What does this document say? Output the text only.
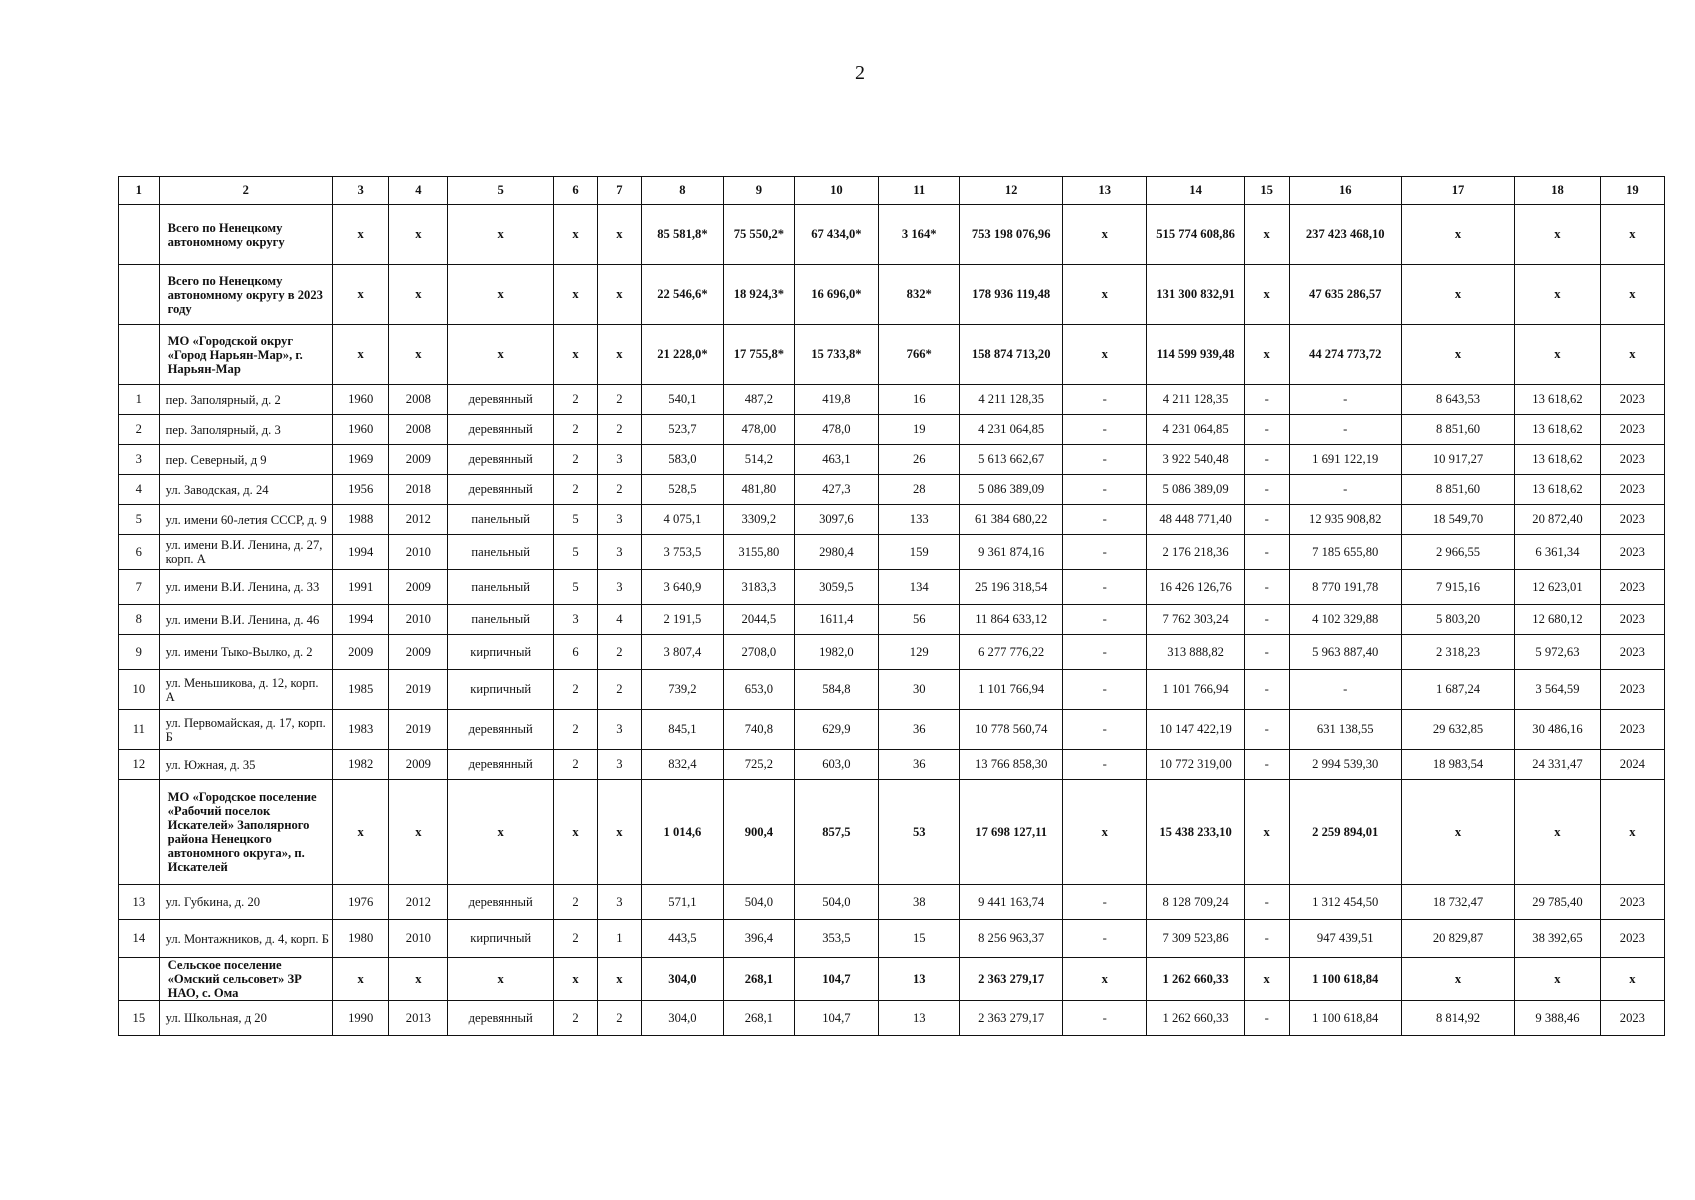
2
1	2	3	4	5	6	7	8	9	10	11	12	13	14	15	16	17	18	19
	Всего по Ненецкому автономному округу	х	х	х	х	х	85 581,8*	75 550,2*	67 434,0*	3 164*	753 198 076,96	х	515 774 608,86	х	237 423 468,10	х	х	х
	Всего по Ненецкому автономному округу в 2023 году	х	х	х	х	х	22 546,6*	18 924,3*	16 696,0*	832*	178 936 119,48	х	131 300 832,91	х	47 635 286,57	х	х	х
	МО «Городской округ «Город Нарьян-Мар», г. Нарьян-Мар	х	х	х	х	х	21 228,0*	17 755,8*	15 733,8*	766*	158 874 713,20	х	114 599 939,48	х	44 274 773,72	х	х	х
1	пер. Заполярный, д. 2	1960	2008	деревянный	2	2	540,1	487,2	419,8	16	4 211 128,35	-	4 211 128,35	-	-	8 643,53	13 618,62	2023
2	пер. Заполярный, д. 3	1960	2008	деревянный	2	2	523,7	478,00	478,0	19	4 231 064,85	-	4 231 064,85	-	-	8 851,60	13 618,62	2023
3	пер. Северный, д 9	1969	2009	деревянный	2	3	583,0	514,2	463,1	26	5 613 662,67	-	3 922 540,48	-	1 691 122,19	10 917,27	13 618,62	2023
4	ул. Заводская, д. 24	1956	2018	деревянный	2	2	528,5	481,80	427,3	28	5 086 389,09	-	5 086 389,09	-	-	8 851,60	13 618,62	2023
5	ул. имени 60-летия СССР, д. 9	1988	2012	панельный	5	3	4 075,1	3309,2	3097,6	133	61 384 680,22	-	48 448 771,40	-	12 935 908,82	18 549,70	20 872,40	2023
6	ул. имени В.И. Ленина, д. 27, корп. А	1994	2010	панельный	5	3	3 753,5	3155,80	2980,4	159	9 361 874,16	-	2 176 218,36	-	7 185 655,80	2 966,55	6 361,34	2023
7	ул. имени В.И. Ленина, д. 33	1991	2009	панельный	5	3	3 640,9	3183,3	3059,5	134	25 196 318,54	-	16 426 126,76	-	8 770 191,78	7 915,16	12 623,01	2023
8	ул. имени В.И. Ленина, д. 46	1994	2010	панельный	3	4	2 191,5	2044,5	1611,4	56	11 864 633,12	-	7 762 303,24	-	4 102 329,88	5 803,20	12 680,12	2023
9	ул. имени Тыко-Вылко, д. 2	2009	2009	кирпичный	6	2	3 807,4	2708,0	1982,0	129	6 277 776,22	-	313 888,82	-	5 963 887,40	2 318,23	5 972,63	2023
10	ул. Меньшикова, д. 12, корп. А	1985	2019	кирпичный	2	2	739,2	653,0	584,8	30	1 101 766,94	-	1 101 766,94	-	-	1 687,24	3 564,59	2023
11	ул. Первомайская, д. 17, корп. Б	1983	2019	деревянный	2	3	845,1	740,8	629,9	36	10 778 560,74	-	10 147 422,19	-	631 138,55	29 632,85	30 486,16	2023
12	ул. Южная, д. 35	1982	2009	деревянный	2	3	832,4	725,2	603,0	36	13 766 858,30	-	10 772 319,00	-	2 994 539,30	18 983,54	24 331,47	2024
	МО «Городское поселение «Рабочий поселок Искателей» Заполярного района Ненецкого автономного округа», п. Искателей	х	х	х	х	х	1 014,6	900,4	857,5	53	17 698 127,11	х	15 438 233,10	х	2 259 894,01	х	х	х
13	ул. Губкина, д. 20	1976	2012	деревянный	2	3	571,1	504,0	504,0	38	9 441 163,74	-	8 128 709,24	-	1 312 454,50	18 732,47	29 785,40	2023
14	ул. Монтажников, д. 4, корп. Б	1980	2010	кирпичный	2	1	443,5	396,4	353,5	15	8 256 963,37	-	7 309 523,86	-	947 439,51	20 829,87	38 392,65	2023
	Сельское поселение «Омский сельсовет» ЗР НАО, с. Ома	х	х	х	х	х	304,0	268,1	104,7	13	2 363 279,17	х	1 262 660,33	х	1 100 618,84	х	х	х
15	ул. Школьная, д 20	1990	2013	деревянный	2	2	304,0	268,1	104,7	13	2 363 279,17	-	1 262 660,33	-	1 100 618,84	8 814,92	9 388,46	2023
